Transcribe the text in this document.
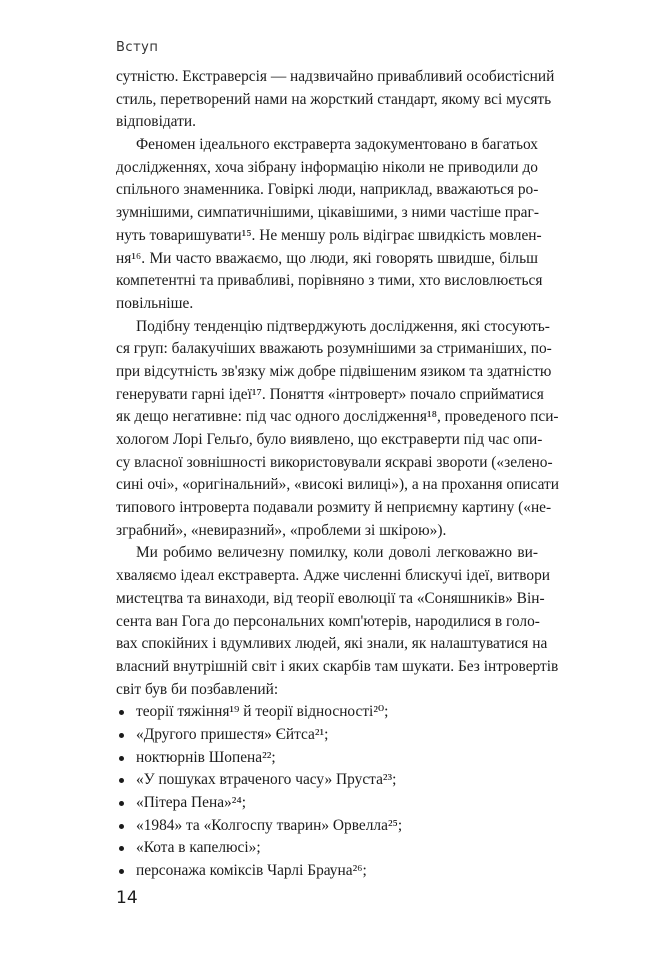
Вступ
сутністю. Екстраверсія — надзвичайно привабливий особистісний
стиль, перетворений нами на жорсткий стандарт, якому всі мусять
відповідати.
Феномен ідеального екстраверта задокументовано в багатьох
дослідженнях, хоча зібрану інформацію ніколи не приводили до
спільного знаменника. Говіркі люди, наприклад, вважаються ро-
зумнішими, симпатичнішими, цікавішими, з ними частіше праг-
нуть товаришувати¹⁵. Не меншу роль відіграє швидкість мовлен-
ня¹⁶. Ми часто вважаємо, що люди, які говорять швидше, більш
компетентні та привабливі, порівняно з тими, хто висловлюється
повільніше.
Подібну тенденцію підтверджують дослідження, які стосують-
ся груп: балакучіших вважають розумнішими за стриманіших, по-
при відсутність зв'язку між добре підвішеним язиком та здатністю
генерувати гарні ідеї¹⁷. Поняття «інтроверт» почало сприйматися
як дещо негативне: під час одного дослідження¹⁸, проведеного пси-
хологом Лорі Гельґо, було виявлено, що екстраверти під час опи-
су власної зовнішності використовували яскраві звороти («зелено-
сині очі», «оригінальний», «високі вилиці»), а на прохання описати
типового інтроверта подавали розмиту й неприємну картину («не-
зграбний», «невиразний», «проблеми зі шкірою»).
Ми робимо величезну помилку, коли доволі легковажно ви-
хваляємо ідеал екстраверта. Адже численні блискучі ідеї, витвори
мистецтва та винаходи, від теорії еволюції та «Соняшників» Він-
сента ван Гога до персональних комп'ютерів, народилися в голо-
вах спокійних і вдумливих людей, які знали, як налаштуватися на
власний внутрішній світ і яких скарбів там шукати. Без інтровертів
світ був би позбавлений:
теорії тяжіння¹⁹ й теорії відносності²⁰;
«Другого пришестя» Єйтса²¹;
ноктюрнів Шопена²²;
«У пошуках втраченого часу» Пруста²³;
«Пітера Пена»²⁴;
«1984» та «Колгоспу тварин» Орвелла²⁵;
«Кота в капелюсі»;
персонажа коміксів Чарлі Брауна²⁶;
14
